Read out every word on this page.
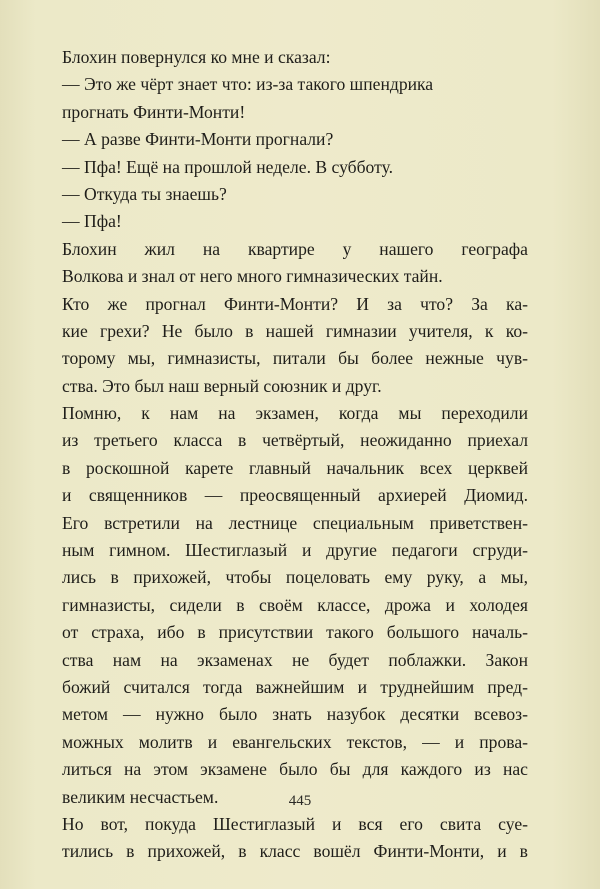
Блохин повернулся ко мне и сказал:
— Это же чёрт знает что: из-за такого шпендрика
прогнать Финти-Монти!
— А разве Финти-Монти прогнали?
— Пфа! Ещё на прошлой неделе. В субботу.
— Откуда ты знаешь?
— Пфа!
Блохин жил на квартире у нашего географа
Волкова и знал от него много гимназических тайн.
Кто же прогнал Финти-Монти? И за что? За ка-
кие грехи? Не было в нашей гимназии учителя, к ко-
торому мы, гимназисты, питали бы более нежные чув-
ства. Это был наш верный союзник и друг.
Помню, к нам на экзамен, когда мы переходили
из третьего класса в четвёртый, неожиданно приехал
в роскошной карете главный начальник всех церквей
и священников — преосвященный архиерей Диомид.
Его встретили на лестнице специальным приветствен-
ным гимном. Шестиглазый и другие педагоги сгруди-
лись в прихожей, чтобы поцеловать ему руку, а мы,
гимназисты, сидели в своём классе, дрожа и холодея
от страха, ибо в присутствии такого большого началь-
ства нам на экзаменах не будет поблажки. Закон
божий считался тогда важнейшим и труднейшим пред-
метом — нужно было знать назубок десятки всевоз-
можных молитв и евангельских текстов, — и прова-
литься на этом экзамене было бы для каждого из нас
великим несчастьем.
Но вот, покуда Шестиглазый и вся его свита суе-
тились в прихожей, в класс вошёл Финти-Монти, и в
445
